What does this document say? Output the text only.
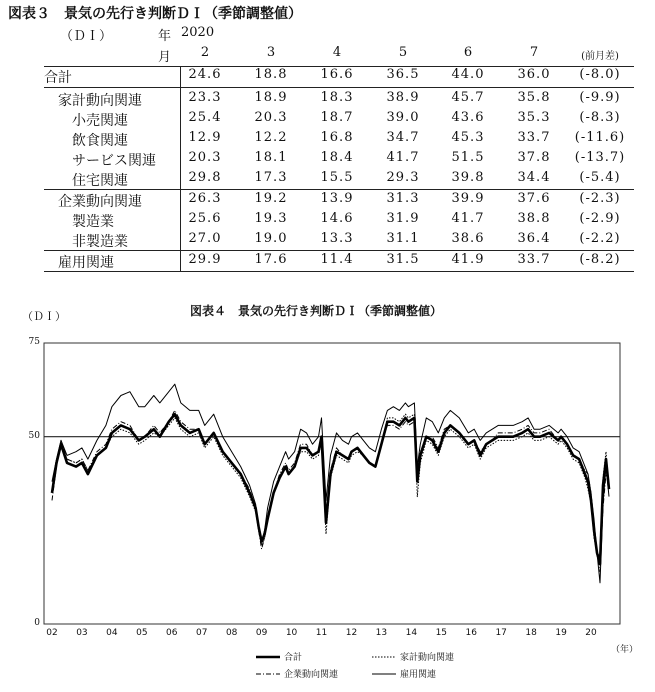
図表３　景気の先行き判断ＤＩ（季節調整値）
（ＤＩ）	年 2020
月	2	3	4	5	6	7	(前月差)
合計	24.6	18.8	16.6	36.5	44.0	36.0	(-8.0)
家計動向関連	23.3	18.9	18.3	38.9	45.7	35.8	(-9.9)
小売関連	25.4	20.3	18.7	39.0	43.6	35.3	(-8.3)
飲食関連	12.9	12.2	16.8	34.7	45.3	33.7	(-11.6)
サービス関連	20.3	18.1	18.4	41.7	51.5	37.8	(-13.7)
住宅関連	29.8	17.3	15.5	29.3	39.8	34.4	(-5.4)
企業動向関連	26.3	19.2	13.9	31.3	39.9	37.6	(-2.3)
製造業	25.6	19.3	14.6	31.9	41.7	38.8	(-2.9)
非製造業	27.0	19.0	13.3	31.1	38.6	36.4	(-2.2)
雇用関連	29.9	17.6	11.4	31.5	41.9	33.7	(-8.2)
図表４　景気の先行き判断ＤＩ（季節調整値）
（ＤＩ）
（年）
0
50
75
02	03	04	05	06	07	08	09	10	11	12	13	14	15	16	17	18	19	20
合計	家計動向関連
企業動向関連	雇用関連
